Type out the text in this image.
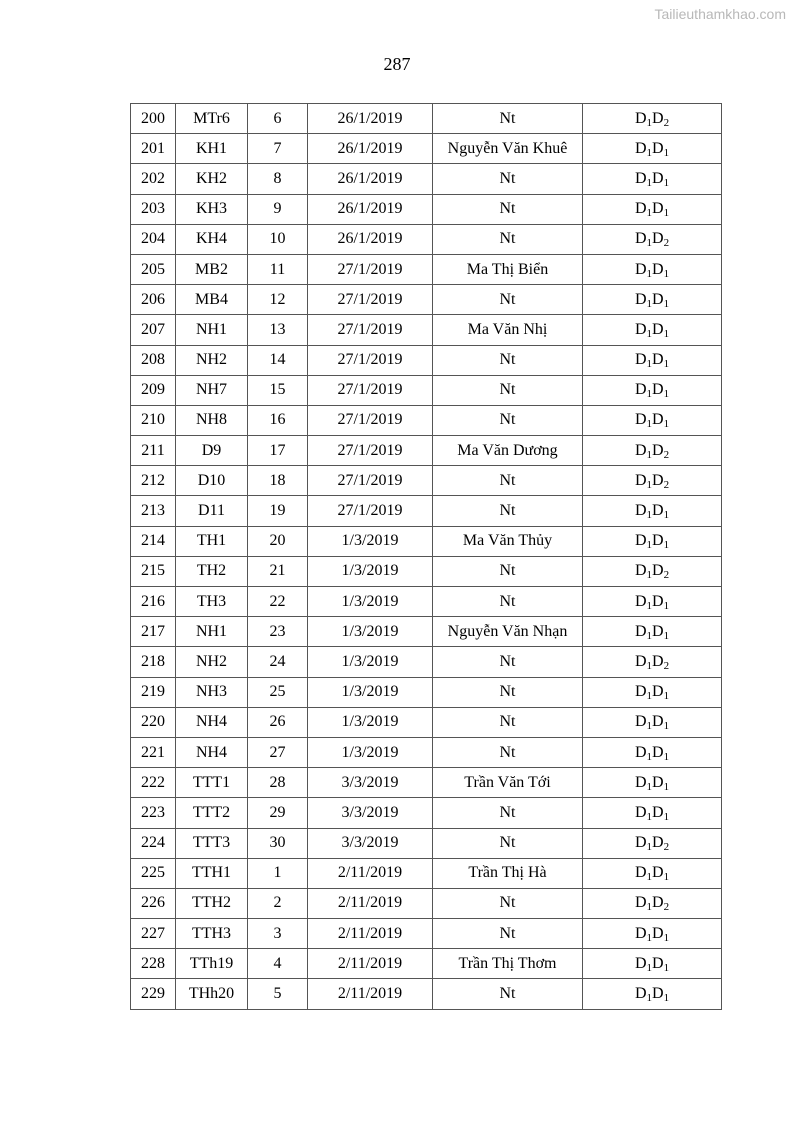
Tailieuthamkhao.com
287
200	MTr6	6	26/1/2019	Nt	$D_1D_2$
201	KH1	7	26/1/2019	Nguyễn Văn Khuê	$D_1D_1$
202	KH2	8	26/1/2019	Nt	$D_1D_1$
203	KH3	9	26/1/2019	Nt	$D_1D_1$
204	KH4	10	26/1/2019	Nt	$D_1D_2$
205	MB2	11	27/1/2019	Ma Thị Biển	$D_1D_1$
206	MB4	12	27/1/2019	Nt	$D_1D_1$
207	NH1	13	27/1/2019	Ma Văn Nhị	$D_1D_1$
208	NH2	14	27/1/2019	Nt	$D_1D_1$
209	NH7	15	27/1/2019	Nt	$D_1D_1$
210	NH8	16	27/1/2019	Nt	$D_1D_1$
211	D9	17	27/1/2019	Ma Văn Dương	$D_1D_2$
212	D10	18	27/1/2019	Nt	$D_1D_2$
213	D11	19	27/1/2019	Nt	$D_1D_1$
214	TH1	20	1/3/2019	Ma Văn Thủy	$D_1D_1$
215	TH2	21	1/3/2019	Nt	$D_1D_2$
216	TH3	22	1/3/2019	Nt	$D_1D_1$
217	NH1	23	1/3/2019	Nguyễn Văn Nhạn	$D_1D_1$
218	NH2	24	1/3/2019	Nt	$D_1D_2$
219	NH3	25	1/3/2019	Nt	$D_1D_1$
220	NH4	26	1/3/2019	Nt	$D_1D_1$
221	NH4	27	1/3/2019	Nt	$D_1D_1$
222	TTT1	28	3/3/2019	Trần Văn Tới	$D_1D_1$
223	TTT2	29	3/3/2019	Nt	$D_1D_1$
224	TTT3	30	3/3/2019	Nt	$D_1D_2$
225	TTH1	1	2/11/2019	Trần Thị Hà	$D_1D_1$
226	TTH2	2	2/11/2019	Nt	$D_1D_2$
227	TTH3	3	2/11/2019	Nt	$D_1D_1$
228	TTh19	4	2/11/2019	Trần Thị Thơm	$D_1D_1$
229	THh20	5	2/11/2019	Nt	$D_1D_1$
